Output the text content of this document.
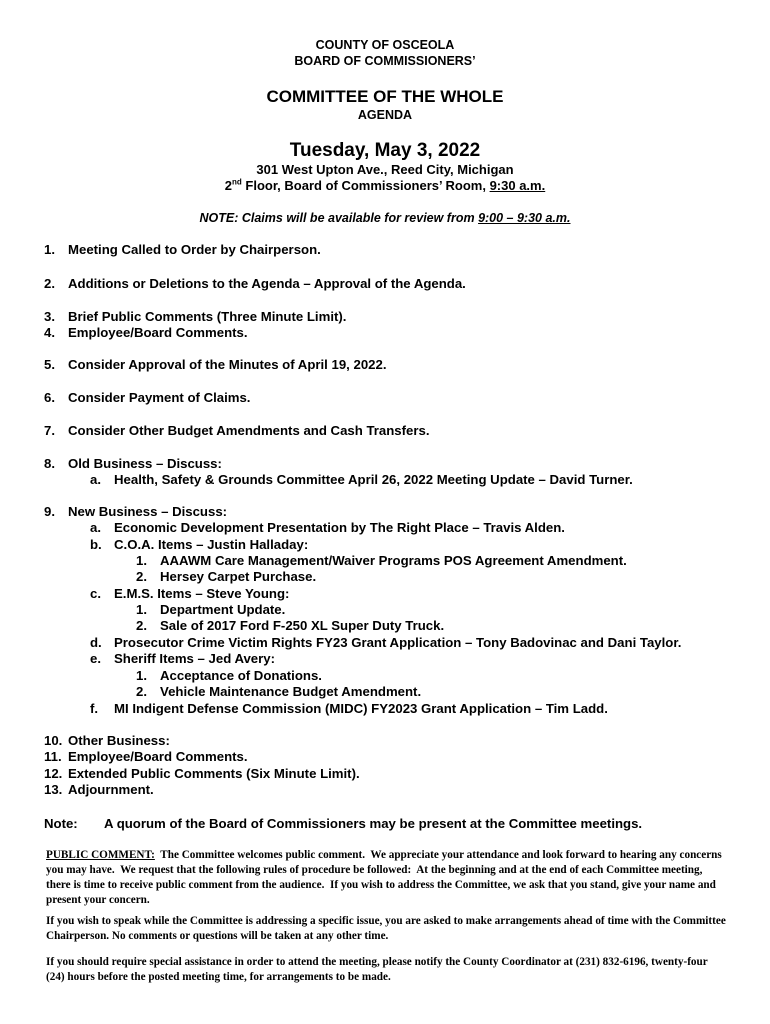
COUNTY OF OSCEOLA
BOARD OF COMMISSIONERS’
COMMITTEE OF THE WHOLE
AGENDA
Tuesday, May 3, 2022
301 West Upton Ave., Reed City, Michigan
2nd Floor, Board of Commissioners’ Room, 9:30 a.m.
NOTE: Claims will be available for review from 9:00 – 9:30 a.m.
1. Meeting Called to Order by Chairperson.
2. Additions or Deletions to the Agenda – Approval of the Agenda.
3. Brief Public Comments (Three Minute Limit).
4. Employee/Board Comments.
5. Consider Approval of the Minutes of April 19, 2022.
6. Consider Payment of Claims.
7. Consider Other Budget Amendments and Cash Transfers.
8. Old Business – Discuss:
a. Health, Safety & Grounds Committee April 26, 2022 Meeting Update – David Turner.
9. New Business – Discuss:
a. Economic Development Presentation by The Right Place – Travis Alden.
b. C.O.A. Items – Justin Halladay:
1. AAAWM Care Management/Waiver Programs POS Agreement Amendment.
2. Hersey Carpet Purchase.
c. E.M.S. Items – Steve Young:
1. Department Update.
2. Sale of 2017 Ford F-250 XL Super Duty Truck.
d. Prosecutor Crime Victim Rights FY23 Grant Application – Tony Badovinac and Dani Taylor.
e. Sheriff Items – Jed Avery:
1. Acceptance of Donations.
2. Vehicle Maintenance Budget Amendment.
f. MI Indigent Defense Commission (MIDC) FY2023 Grant Application – Tim Ladd.
10. Other Business:
11. Employee/Board Comments.
12. Extended Public Comments (Six Minute Limit).
13. Adjournment.
Note: A quorum of the Board of Commissioners may be present at the Committee meetings.
PUBLIC COMMENT:  The Committee welcomes public comment.  We appreciate your attendance and look forward to hearing any concerns you may have.  We request that the following rules of procedure be followed:  At the beginning and at the end of each Committee meeting, there is time to receive public comment from the audience.  If you wish to address the Committee, we ask that you stand, give your name and present your concern.
If you wish to speak while the Committee is addressing a specific issue, you are asked to make arrangements ahead of time with the Committee Chairperson. No comments or questions will be taken at any other time.
If you should require special assistance in order to attend the meeting, please notify the County Coordinator at (231) 832-6196, twenty-four (24) hours before the posted meeting time, for arrangements to be made.
